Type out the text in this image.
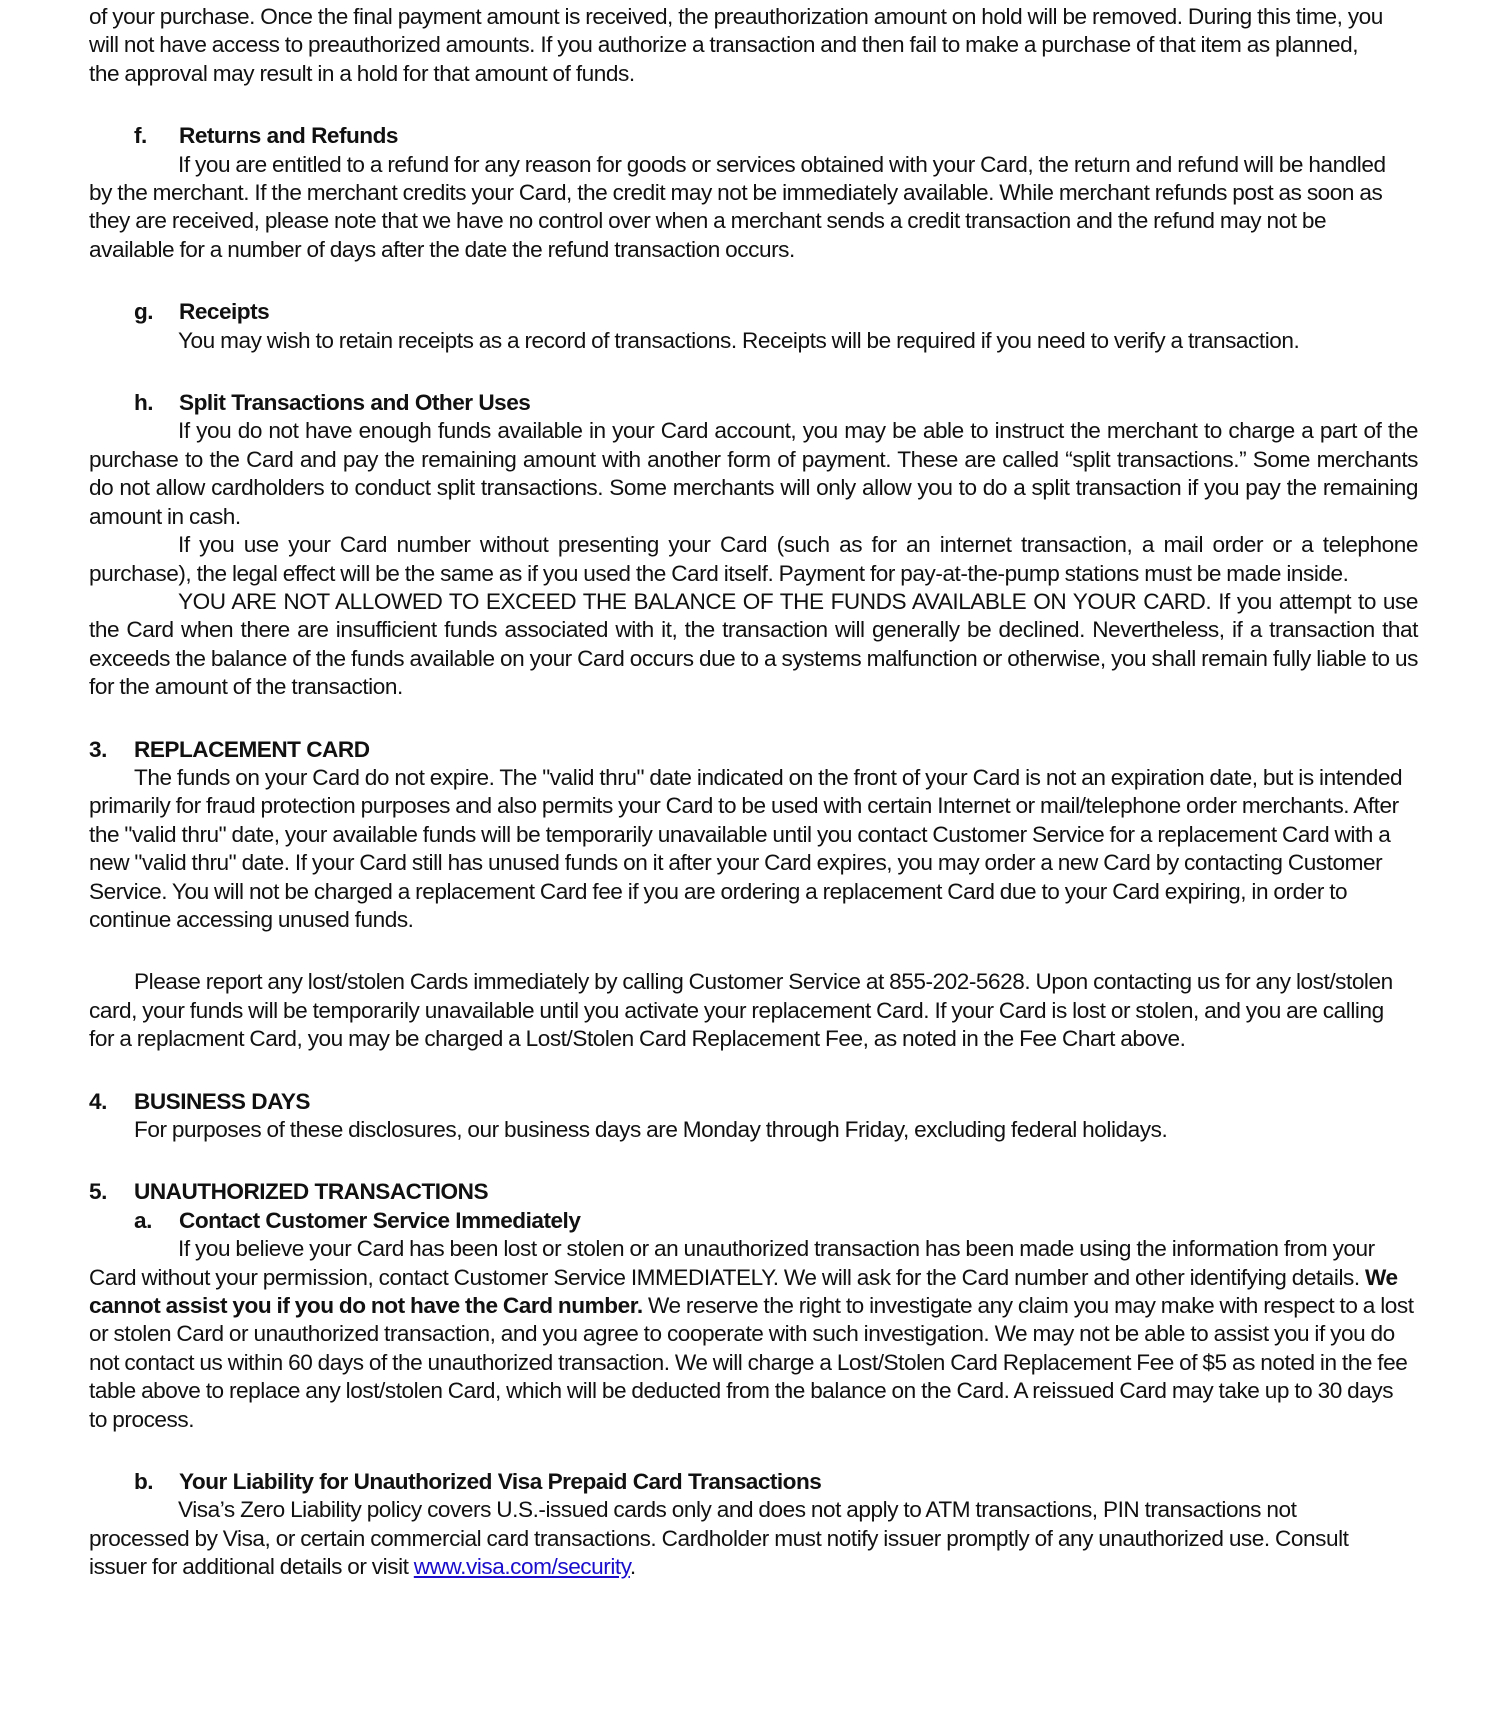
of your purchase. Once the final payment amount is received, the preauthorization amount on hold will be removed. During this time, you will not have access to preauthorized amounts. If you authorize a transaction and then fail to make a purchase of that item as planned, the approval may result in a hold for that amount of funds.

f.	Returns and Refunds

If you are entitled to a refund for any reason for goods or services obtained with your Card, the return and refund will be handled by the merchant. If the merchant credits your Card, the credit may not be immediately available. While merchant refunds post as soon as they are received, please note that we have no control over when a merchant sends a credit transaction and the refund may not be available for a number of days after the date the refund transaction occurs.

g.	Receipts

You may wish to retain receipts as a record of transactions. Receipts will be required if you need to verify a transaction.

h.	Split Transactions and Other Uses

If you do not have enough funds available in your Card account, you may be able to instruct the merchant to charge a part of the purchase to the Card and pay the remaining amount with another form of payment. These are called “split transactions.” Some merchants do not allow cardholders to conduct split transactions. Some merchants will only allow you to do a split transaction if you pay the remaining amount in cash.

If you use your Card number without presenting your Card (such as for an internet transaction, a mail order or a telephone purchase), the legal effect will be the same as if you used the Card itself. Payment for pay-at-the-pump stations must be made inside.

YOU ARE NOT ALLOWED TO EXCEED THE BALANCE OF THE FUNDS AVAILABLE ON YOUR CARD. If you attempt to use the Card when there are insufficient funds associated with it, the transaction will generally be declined. Nevertheless, if a transaction that exceeds the balance of the funds available on your Card occurs due to a systems malfunction or otherwise, you shall remain fully liable to us for the amount of the transaction.

3.	REPLACEMENT CARD

The funds on your Card do not expire. The "valid thru" date indicated on the front of your Card is not an expiration date, but is intended primarily for fraud protection purposes and also permits your Card to be used with certain Internet or mail/telephone order merchants. After the "valid thru" date, your available funds will be temporarily unavailable until you contact Customer Service for a replacement Card with a new "valid thru" date. If your Card still has unused funds on it after your Card expires, you may order a new Card by contacting Customer Service. You will not be charged a replacement Card fee if you are ordering a replacement Card due to your Card expiring, in order to continue accessing unused funds.

Please report any lost/stolen Cards immediately by calling Customer Service at 855-202-5628. Upon contacting us for any lost/stolen card, your funds will be temporarily unavailable until you activate your replacement Card. If your Card is lost or stolen, and you are calling for a replacment Card, you may be charged a Lost/Stolen Card Replacement Fee, as noted in the Fee Chart above.

4.	BUSINESS DAYS

For purposes of these disclosures, our business days are Monday through Friday, excluding federal holidays.

5.	UNAUTHORIZED TRANSACTIONS
a.	Contact Customer Service Immediately

If you believe your Card has been lost or stolen or an unauthorized transaction has been made using the information from your Card without your permission, contact Customer Service IMMEDIATELY. We will ask for the Card number and other identifying details. We cannot assist you if you do not have the Card number. We reserve the right to investigate any claim you may make with respect to a lost or stolen Card or unauthorized transaction, and you agree to cooperate with such investigation. We may not be able to assist you if you do not contact us within 60 days of the unauthorized transaction. We will charge a Lost/Stolen Card Replacement Fee of $5 as noted in the fee table above to replace any lost/stolen Card, which will be deducted from the balance on the Card. A reissued Card may take up to 30 days to process.

b.	Your Liability for Unauthorized Visa Prepaid Card Transactions

Visa’s Zero Liability policy covers U.S.-issued cards only and does not apply to ATM transactions, PIN transactions not processed by Visa, or certain commercial card transactions. Cardholder must notify issuer promptly of any unauthorized use. Consult issuer for additional details or visit www.visa.com/security.
